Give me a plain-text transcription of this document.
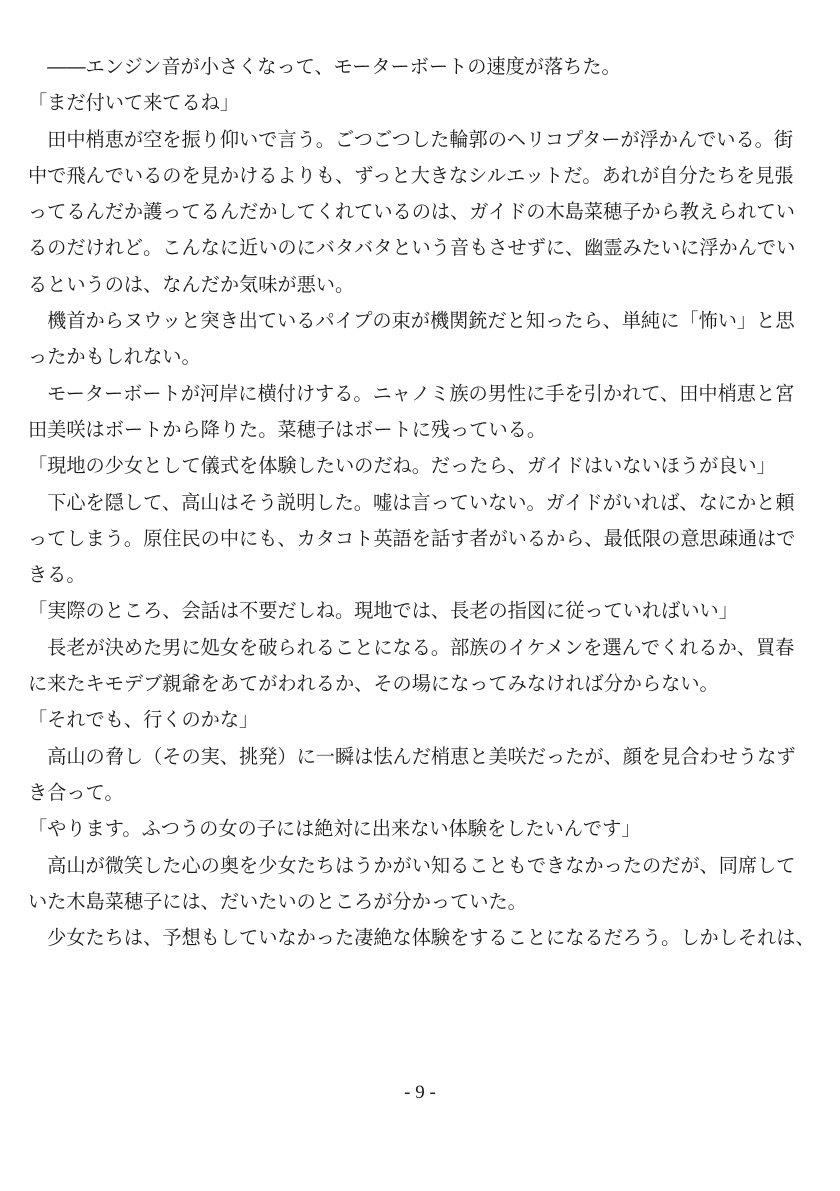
　――エンジン音が小さくなって、モーターボートの速度が落ちた。
「まだ付いて来てるね」
　田中梢恵が空を振り仰いで言う。ごつごつした輪郭のヘリコプターが浮かんでいる。街
中で飛んでいるのを見かけるよりも、ずっと大きなシルエットだ。あれが自分たちを見張
ってるんだか護ってるんだかしてくれているのは、ガイドの木島菜穂子から教えられてい
るのだけれど。こんなに近いのにバタバタという音もさせずに、幽霊みたいに浮かんでい
るというのは、なんだか気味が悪い。
　機首からヌウッと突き出ているパイプの束が機関銃だと知ったら、単純に「怖い」と思
ったかもしれない。
　モーターボートが河岸に横付けする。ニャノミ族の男性に手を引かれて、田中梢恵と宮
田美咲はボートから降りた。菜穂子はボートに残っている。
「現地の少女として儀式を体験したいのだね。だったら、ガイドはいないほうが良い」
　下心を隠して、高山はそう説明した。嘘は言っていない。ガイドがいれば、なにかと頼
ってしまう。原住民の中にも、カタコト英語を話す者がいるから、最低限の意思疎通はで
きる。
「実際のところ、会話は不要だしね。現地では、長老の指図に従っていればいい」
　長老が決めた男に処女を破られることになる。部族のイケメンを選んでくれるか、買春
に来たキモデブ親爺をあてがわれるか、その場になってみなければ分からない。
「それでも、行くのかな」
　高山の脅し（その実、挑発）に一瞬は怯んだ梢恵と美咲だったが、顔を見合わせうなず
き合って。
「やります。ふつうの女の子には絶対に出来ない体験をしたいんです」
　高山が微笑した心の奥を少女たちはうかがい知ることもできなかったのだが、同席して
いた木島菜穂子には、だいたいのところが分かっていた。
　少女たちは、予想もしていなかった凄絶な体験をすることになるだろう。しかしそれは、
- 9 -
